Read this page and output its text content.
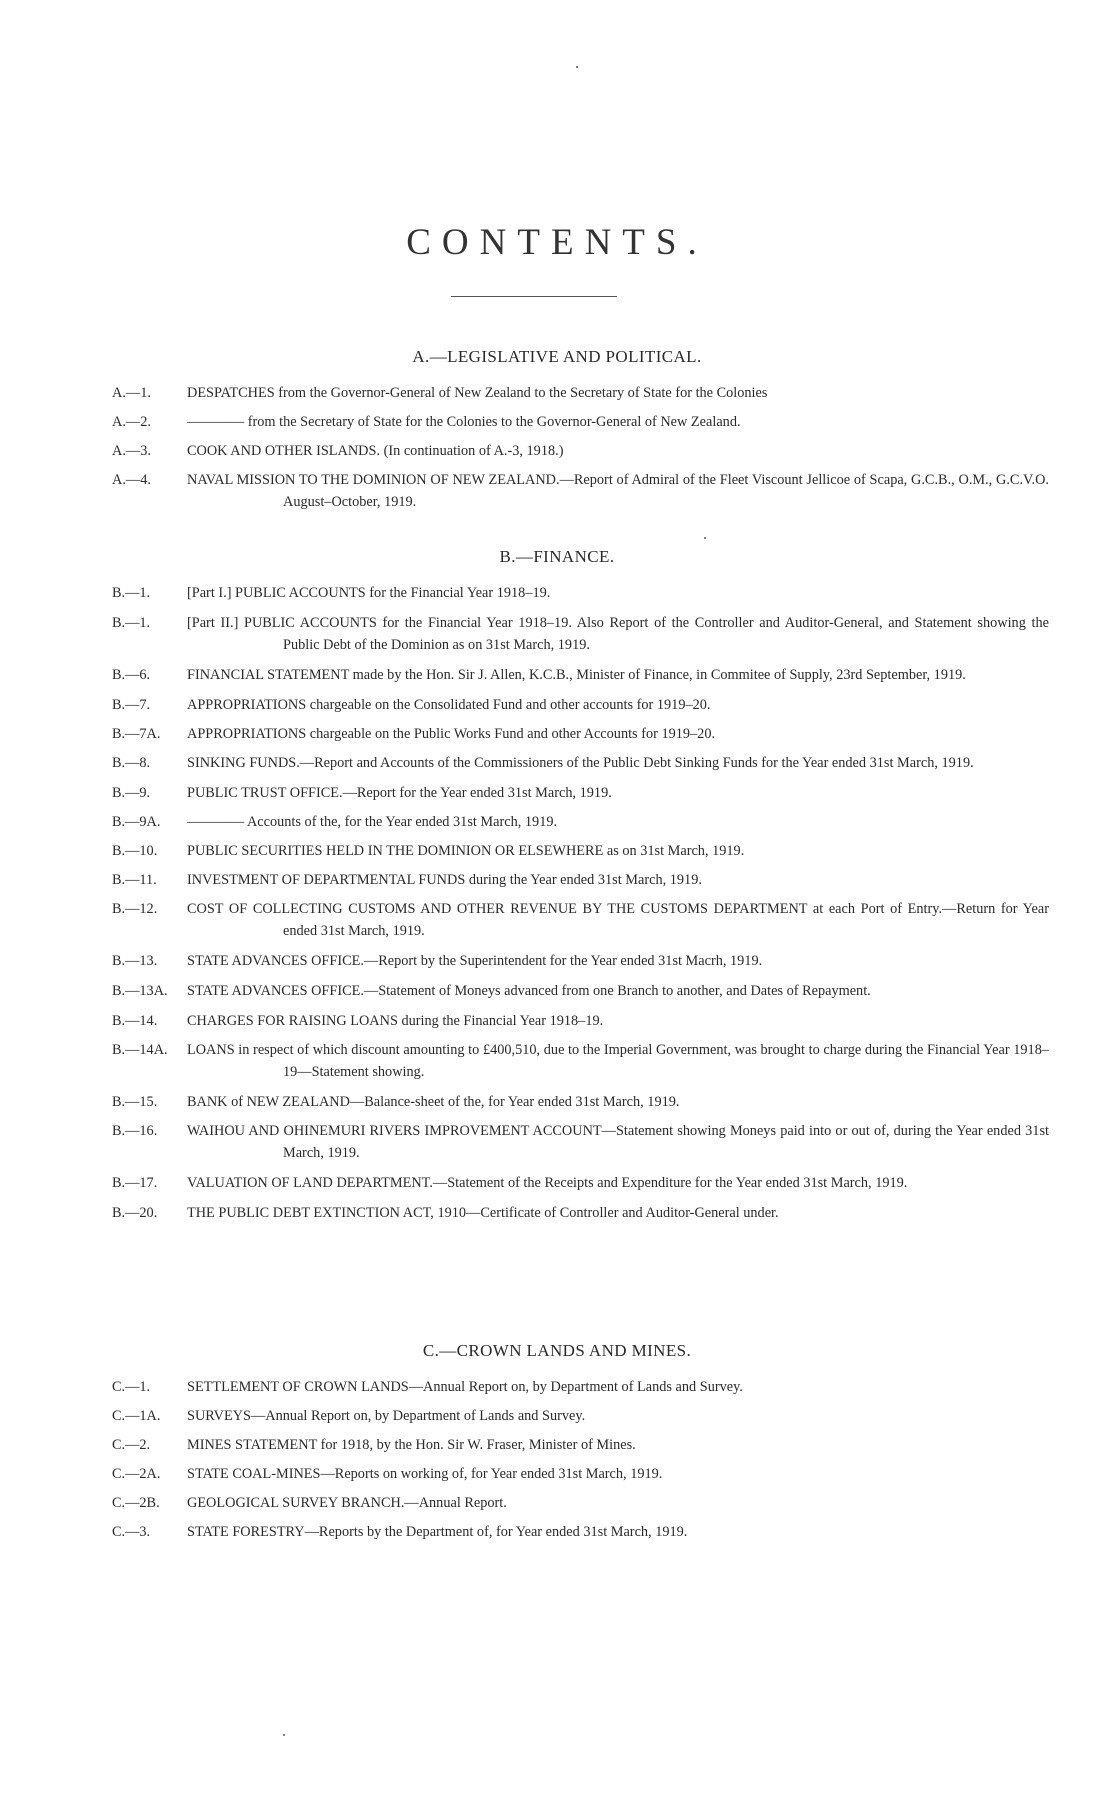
CONTENTS.
A.—LEGISLATIVE AND POLITICAL.
A.—1.	DESPATCHES from the Governor-General of New Zealand to the Secretary of State for the Colonies
A.—2.	———— from the Secretary of State for the Colonies to the Governor-General of New Zealand.
A.—3.	COOK AND OTHER ISLANDS. (In continuation of A.-3, 1918.)
A.—4.	NAVAL MISSION TO THE DOMINION OF NEW ZEALAND.—Report of Admiral of the Fleet Viscount Jellicoe of Scapa, G.C.B., O.M., G.C.V.O. August–October, 1919.
B.—FINANCE.
B.—1.	[Part I.] PUBLIC ACCOUNTS for the Financial Year 1918–19.
B.—1.	[Part II.] PUBLIC ACCOUNTS for the Financial Year 1918–19. Also Report of the Controller and Auditor-General, and Statement showing the Public Debt of the Dominion as on 31st March, 1919.
B.—6.	FINANCIAL STATEMENT made by the Hon. Sir J. Allen, K.C.B., Minister of Finance, in Commitee of Supply, 23rd September, 1919.
B.—7.	APPROPRIATIONS chargeable on the Consolidated Fund and other accounts for 1919–20.
B.—7A. APPROPRIATIONS chargeable on the Public Works Fund and other Accounts for 1919–20.
B.—8.	SINKING FUNDS.—Report and Accounts of the Commissioners of the Public Debt Sinking Funds for the Year ended 31st March, 1919.
B.—9.	PUBLIC TRUST OFFICE.—Report for the Year ended 31st March, 1919.
B.—9A. ———— Accounts of the, for the Year ended 31st March, 1919.
B.—10. PUBLIC SECURITIES HELD IN THE DOMINION OR ELSEWHERE as on 31st March, 1919.
B.—11. INVESTMENT OF DEPARTMENTAL FUNDS during the Year ended 31st March, 1919.
B.—12. COST OF COLLECTING CUSTOMS AND OTHER REVENUE BY THE CUSTOMS DEPARTMENT at each Port of Entry.—Return for Year ended 31st March, 1919.
B.—13. STATE ADVANCES OFFICE.—Report by the Superintendent for the Year ended 31st Macrh, 1919.
B.—13A. STATE ADVANCES OFFICE.—Statement of Moneys advanced from one Branch to another, and Dates of Repayment.
B.—14. CHARGES FOR RAISING LOANS during the Financial Year 1918–19.
B.—14A. LOANS in respect of which discount amounting to £400,510, due to the Imperial Government, was brought to charge during the Financial Year 1918–19—Statement showing.
B.—15. BANK of NEW ZEALAND—Balance-sheet of the, for Year ended 31st March, 1919.
B.—16. WAIHOU AND OHINEMURI RIVERS IMPROVEMENT ACCOUNT—Statement showing Moneys paid into or out of, during the Year ended 31st March, 1919.
B.—17. VALUATION OF LAND DEPARTMENT.—Statement of the Receipts and Expenditure for the Year ended 31st March, 1919.
B.—20. THE PUBLIC DEBT EXTINCTION ACT, 1910—Certificate of Controller and Auditor-General under.
C.—CROWN LANDS AND MINES.
C.—1.	SETTLEMENT OF CROWN LANDS—Annual Report on, by Department of Lands and Survey.
C.—1A. SURVEYS—Annual Report on, by Department of Lands and Survey.
C.—2.	MINES STATEMENT for 1918, by the Hon. Sir W. Fraser, Minister of Mines.
C.—2A. STATE COAL-MINES—Reports on working of, for Year ended 31st March, 1919.
C.—2B. GEOLOGICAL SURVEY BRANCH.—Annual Report.
C.—3.	STATE FORESTRY—Reports by the Department of, for Year ended 31st March, 1919.
